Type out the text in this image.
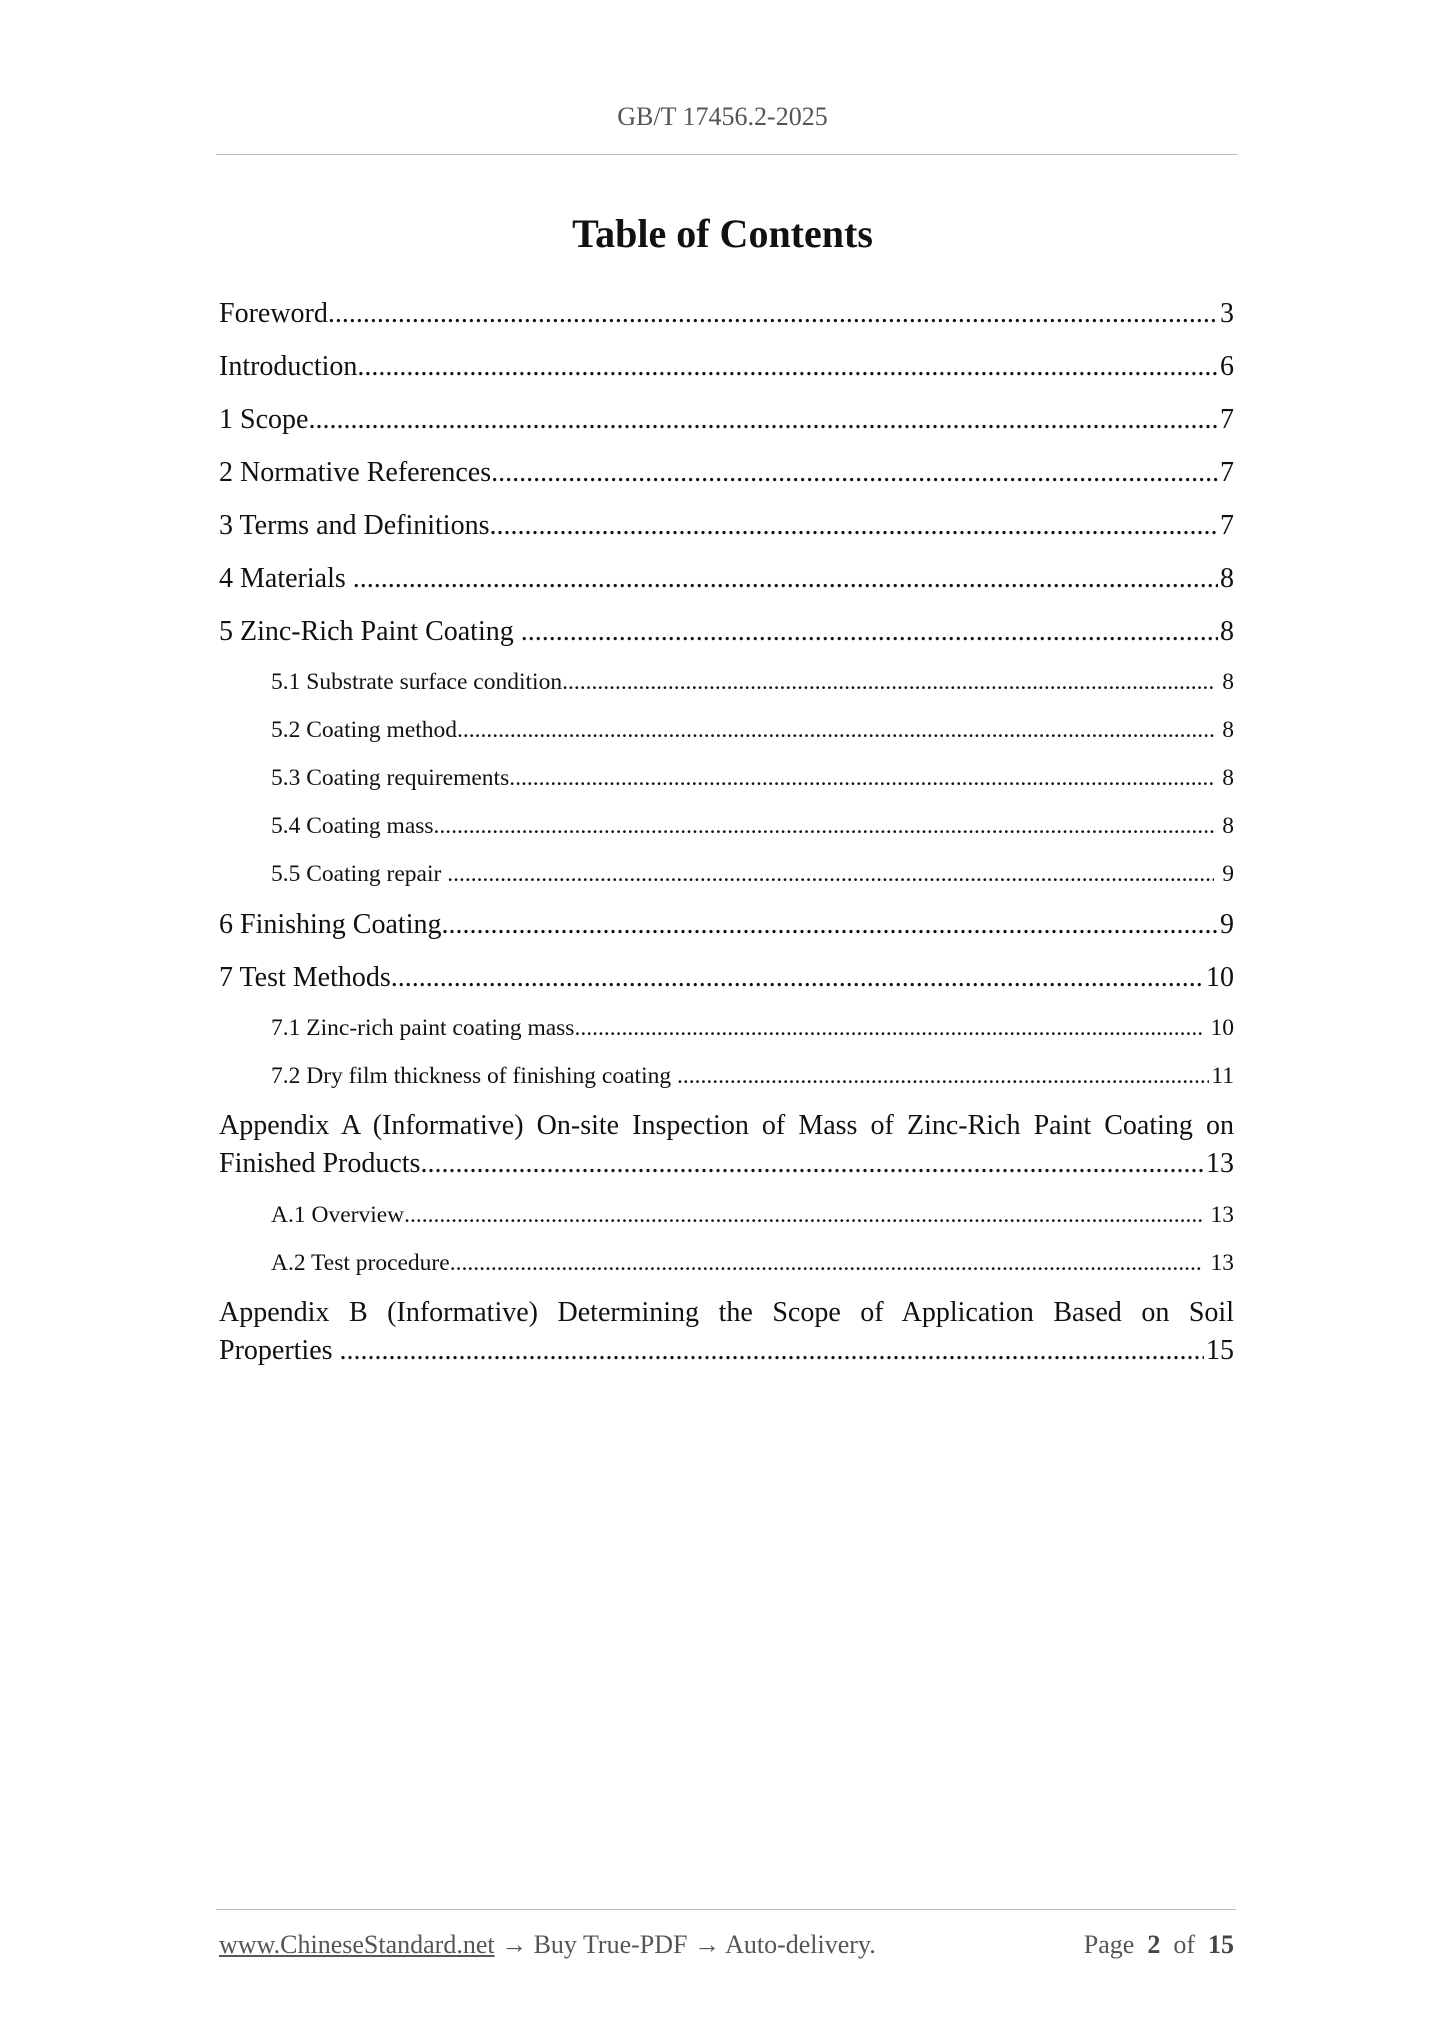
GB/T 17456.2-2025
Table of Contents
Foreword .....	3
Introduction .....	6
1 Scope .....	7
2 Normative References .....	7
3 Terms and Definitions .....	7
4 Materials .....	8
5 Zinc-Rich Paint Coating .....	8
5.1 Substrate surface condition .....	8
5.2 Coating method .....	8
5.3 Coating requirements .....	8
5.4 Coating mass .....	8
5.5 Coating repair .....	9
6 Finishing Coating .....	9
7 Test Methods .....	10
7.1 Zinc-rich paint coating mass .....	10
7.2 Dry film thickness of finishing coating .....	11
Appendix A (Informative) On-site Inspection of Mass of Zinc-Rich Paint Coating on
Finished Products .....	13
A.1 Overview .....	13
A.2 Test procedure .....	13
Appendix B (Informative) Determining the Scope of Application Based on Soil
Properties .....	15
www.ChineseStandard.net → Buy True-PDF → Auto-delivery.	Page 2 of 15
